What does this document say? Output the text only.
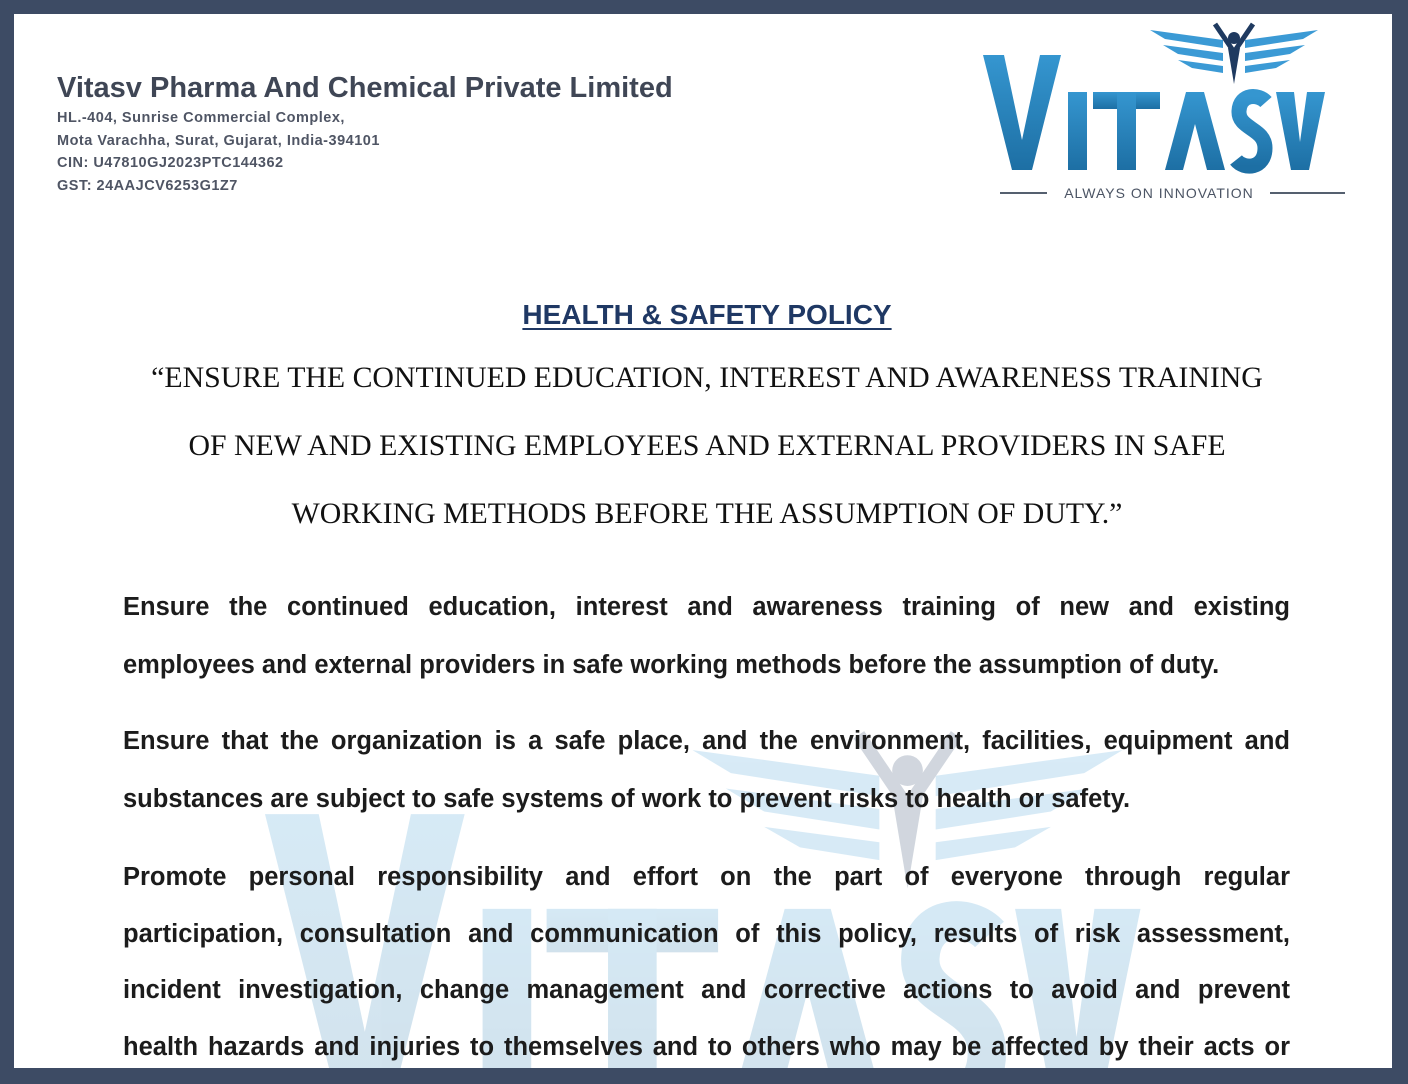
ALWAYS ON INNOVATION
Vitasv Pharma And Chemical Private Limited
HL.-404, Sunrise Commercial Complex,
Mota Varachha, Surat, Gujarat, India-394101
CIN: U47810GJ2023PTC144362
GST: 24AAJCV6253G1Z7
HEALTH & SAFETY POLICY
“ENSURE THE CONTINUED EDUCATION, INTEREST AND AWARENESS TRAINING
OF NEW AND EXISTING EMPLOYEES AND EXTERNAL PROVIDERS IN SAFE
WORKING METHODS BEFORE THE ASSUMPTION OF DUTY.”
Ensure the continued education, interest and awareness training of new and existing
employees and external providers in safe working methods before the assumption of duty.
Ensure that the organization is a safe place, and the environment, facilities, equipment and
substances are subject to safe systems of work to prevent risks to health or safety.
Promote personal responsibility and effort on the part of everyone through regular
participation, consultation and communication of this policy, results of risk assessment,
incident investigation, change management and corrective actions to avoid and prevent
health hazards and injuries to themselves and to others who may be affected by their acts or
